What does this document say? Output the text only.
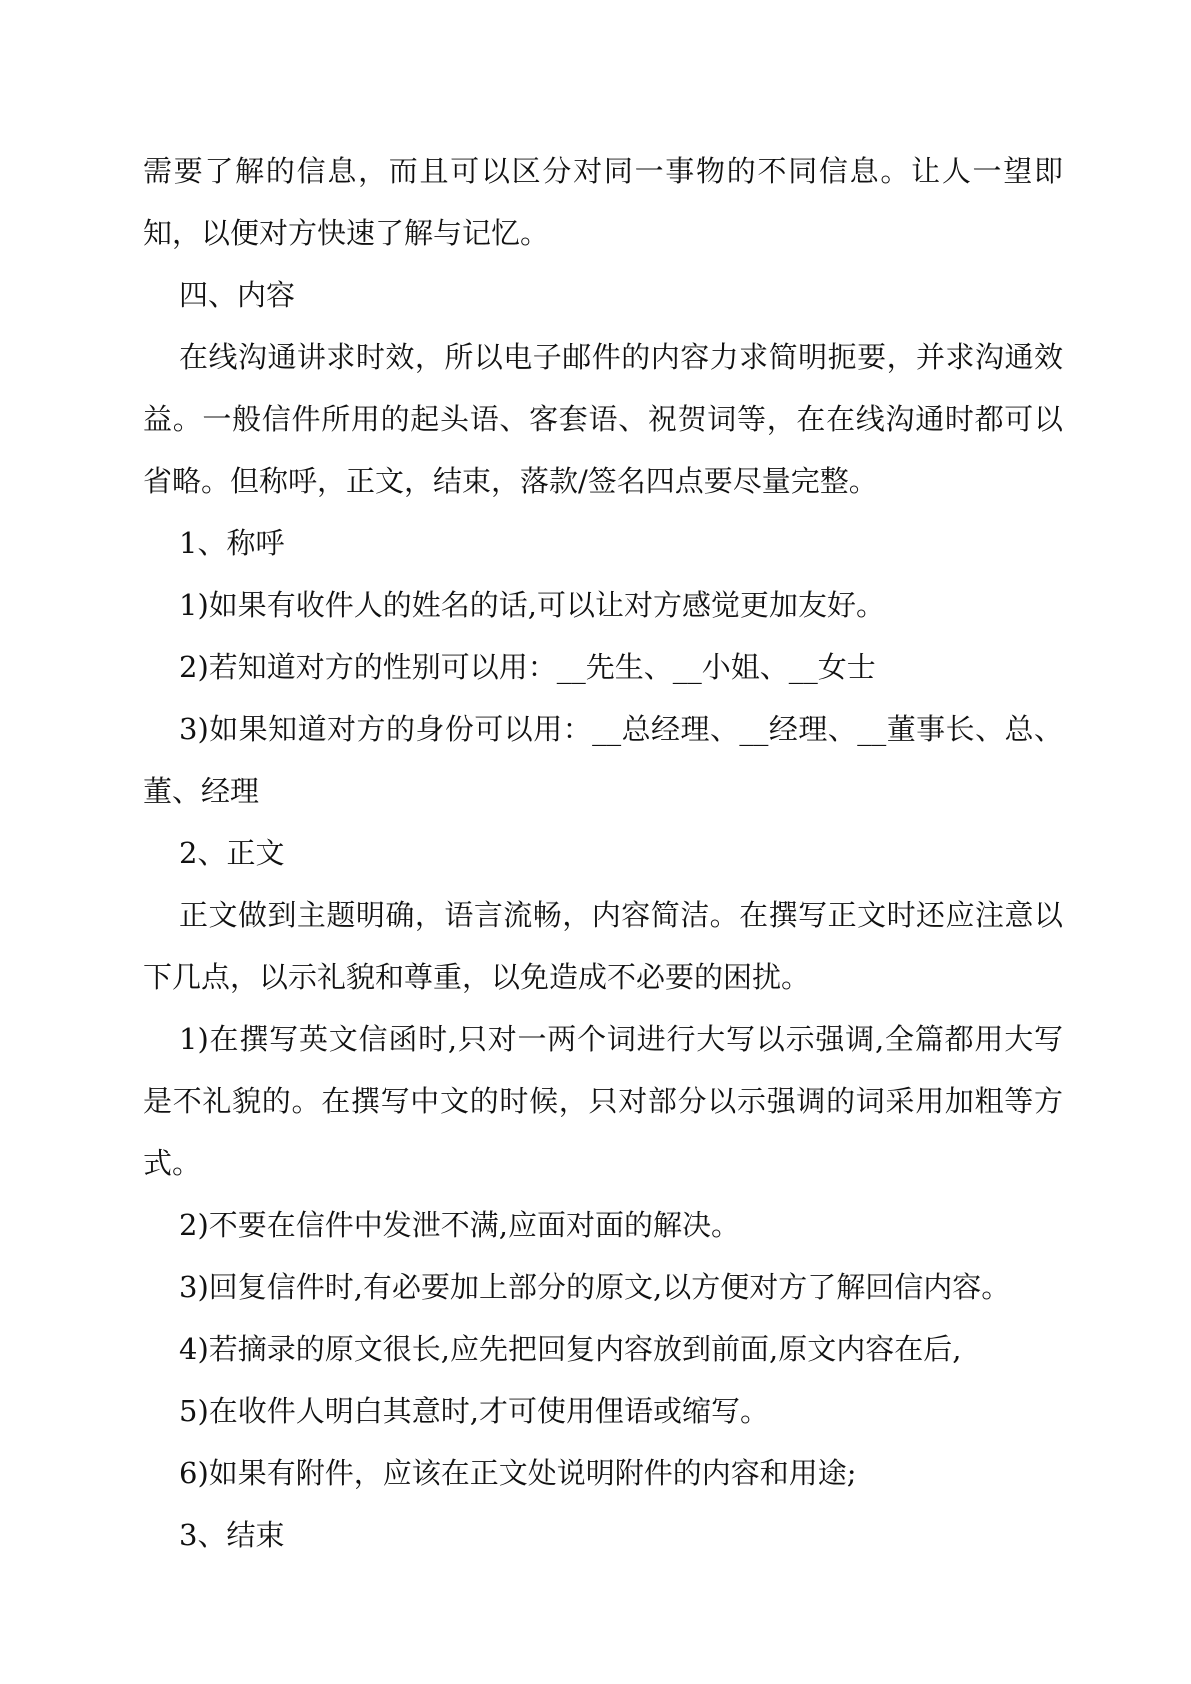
需要了解的信息，而且可以区分对同一事物的不同信息。让人一望即知，以便对方快速了解与记忆。

四、内容

在线沟通讲求时效，所以电子邮件的内容力求简明扼要，并求沟通效益。一般信件所用的起头语、客套语、祝贺词等，在在线沟通时都可以省略。但称呼，正文，结束，落款/签名四点要尽量完整。

1、称呼

1)如果有收件人的姓名的话,可以让对方感觉更加友好。

2)若知道对方的性别可以用：__先生、__小姐、__女士

3)如果知道对方的身份可以用：__总经理、__经理、__董事长、总、董、经理

2、正文

正文做到主题明确，语言流畅，内容简洁。在撰写正文时还应注意以下几点，以示礼貌和尊重，以免造成不必要的困扰。

1)在撰写英文信函时,只对一两个词进行大写以示强调,全篇都用大写是不礼貌的。在撰写中文的时候，只对部分以示强调的词采用加粗等方式。

2)不要在信件中发泄不满,应面对面的解决。

3)回复信件时,有必要加上部分的原文,以方便对方了解回信内容。

4)若摘录的原文很长,应先把回复内容放到前面,原文内容在后,

5)在收件人明白其意时,才可使用俚语或缩写。

6)如果有附件，应该在正文处说明附件的内容和用途;

3、结束
